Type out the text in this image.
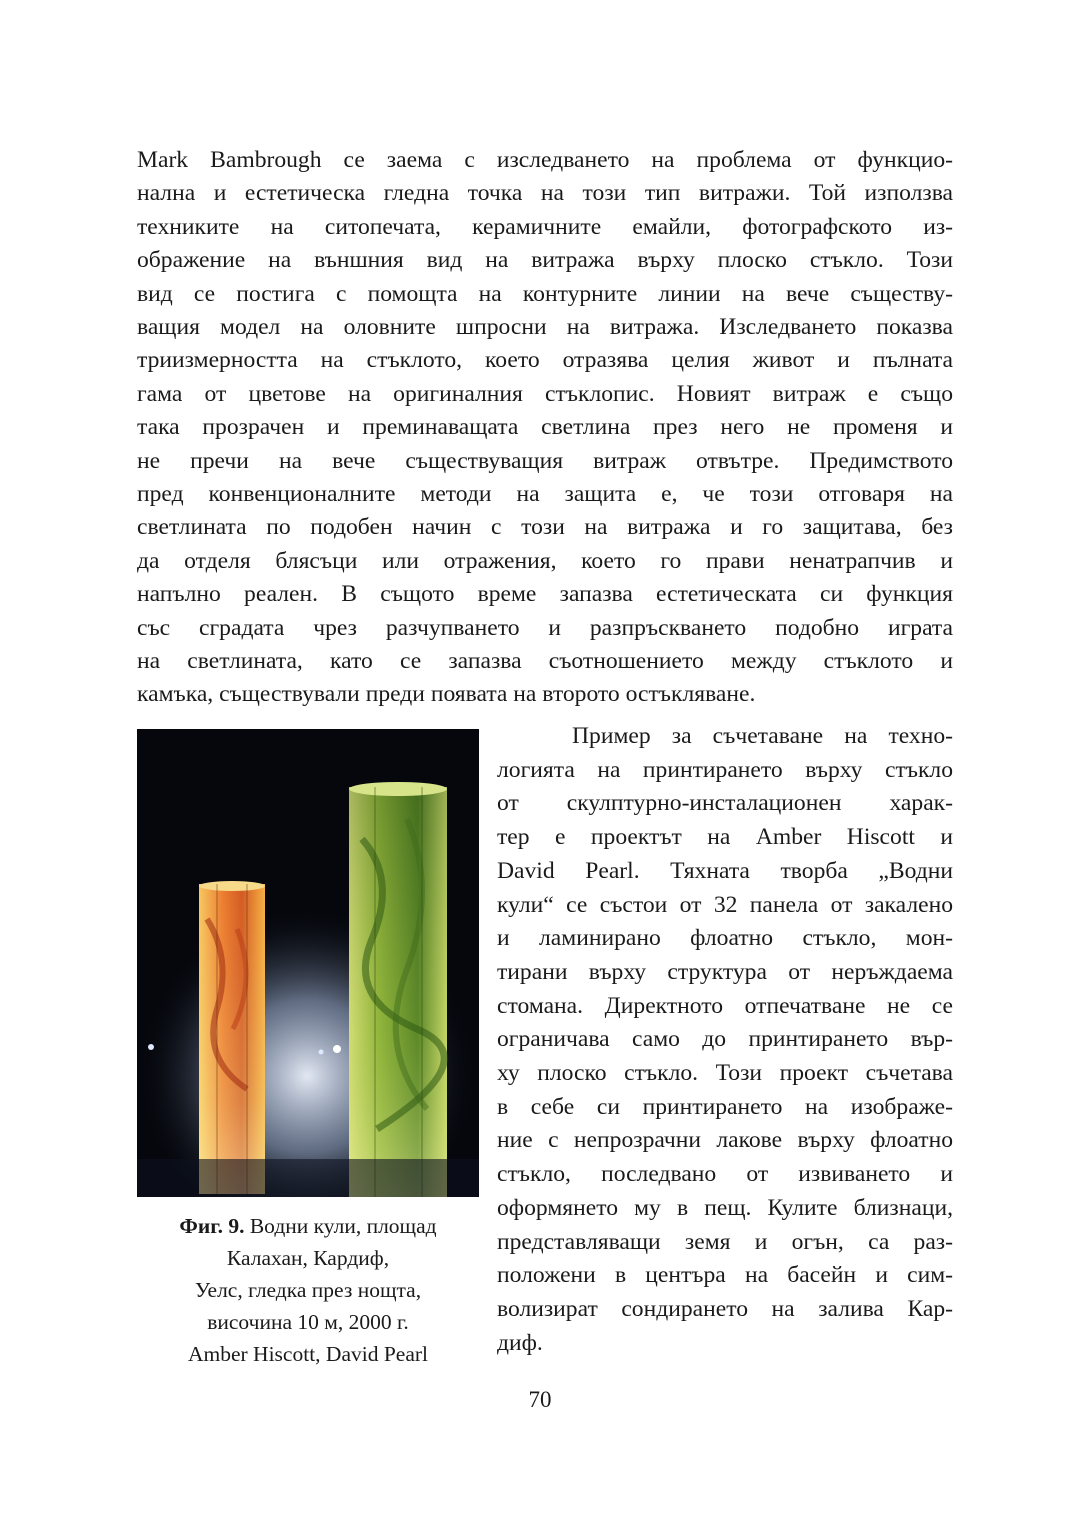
Mark Bambrough се заема с изследването на проблема от функцио-
нална и естетическа гледна точка на този тип витражи. Той използва
техниките на ситопечата, керамичните емайли, фотографското из-
ображение на външния вид на витража върху плоско стъкло. Този
вид се постига с помощта на контурните линии на вече съществу-
ващия модел на оловните шпросни на витража. Изследването показва
триизмерността на стъклото, което отразява целия живот и пълната
гама от цветове на оригиналния стъклопис. Новият витраж е също
така прозрачен и преминаващата светлина през него не променя и
не пречи на вече съществуващия витраж отвътре. Предимството
пред конвенционалните методи на защита е, че този отговаря на
светлината по подобен начин с този на витража и го защитава, без
да отделя блясъци или отражения, което го прави ненатрапчив и
напълно реален. В същото време запазва естетическата си функция
със сградата чрез разчупването и разпръскването подобно играта
на светлината, като се запазва съотношението между стъклото и
камъка, съществували преди появата на второто остъкляване.
Фиг. 9. Водни кули, площад
Калахан, Кардиф,
Уелс, гледка през нощта,
височина 10 м, 2000 г.
Amber Hiscott, David Pearl
Пример за съчетаване на техно-
логията на принтирането върху стъкло
от скулптурно-инсталационен харак-
тер е проектът на Amber Hiscott и
David Pearl. Тяхната творба „Водни
кули“ се състои от 32 панела от закалено
и ламинирано флоатно стъкло, мон-
тирани върху структура от неръждаема
стомана. Директното отпечатване не се
ограничава само до принтирането вър-
ху плоско стъкло. Този проект съчетава
в себе си принтирането на изображе-
ние с непрозрачни лакове върху флоатно
стъкло, последвано от извиването и
оформянето му в пещ. Кулите близнаци,
представляващи земя и огън, са раз-
положени в центъра на басейн и сим-
волизират сондирането на залива Кар-
диф.
70
